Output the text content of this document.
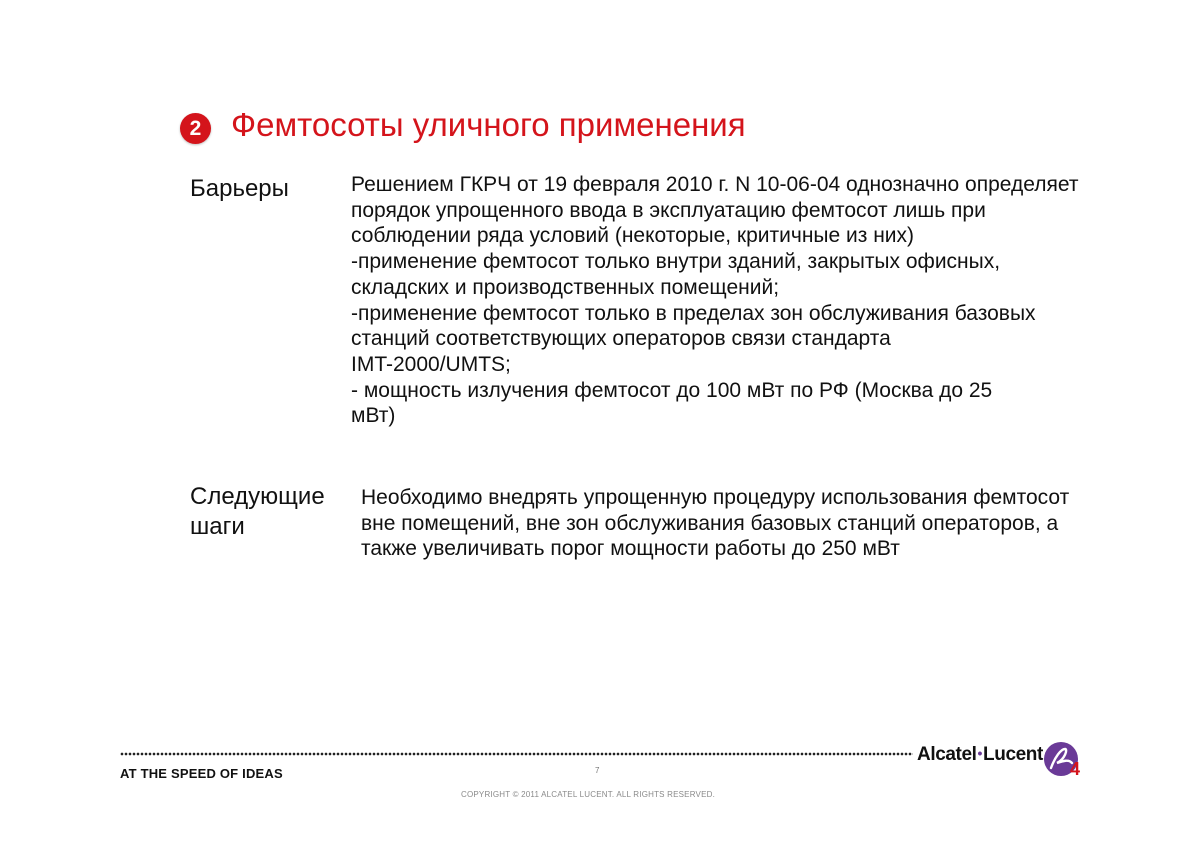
2 Фемтосоты уличного применения
Барьеры	Решением ГКРЧ от 19 февраля 2010 г. N 10-06-04 однозначно определяет
порядок упрощенного ввода в эксплуатацию фемтосот лишь при
соблюдении ряда условий (некоторые, критичные из них)
-применение фемтосот только внутри зданий, закрытых офисных,
складских и производственных помещений;
-применение фемтосот только в пределах зон обслуживания базовых
станций соответствующих операторов связи стандарта
IMT-2000/UMTS;
- мощность излучения фемтосот до 100 мВт по РФ (Москва до 25
мВт)
Следующие
шаги
Необходимо внедрять упрощенную процедуру использования фемтосот
вне помещений, вне зон обслуживания базовых станций операторов, а
также увеличивать порог мощности работы до 250 мВт
AT THE SPEED OF IDEAS	7
Alcatel•Lucent
4
COPYRIGHT © 2011 ALCATEL LUCENT. ALL RIGHTS RESERVED.
